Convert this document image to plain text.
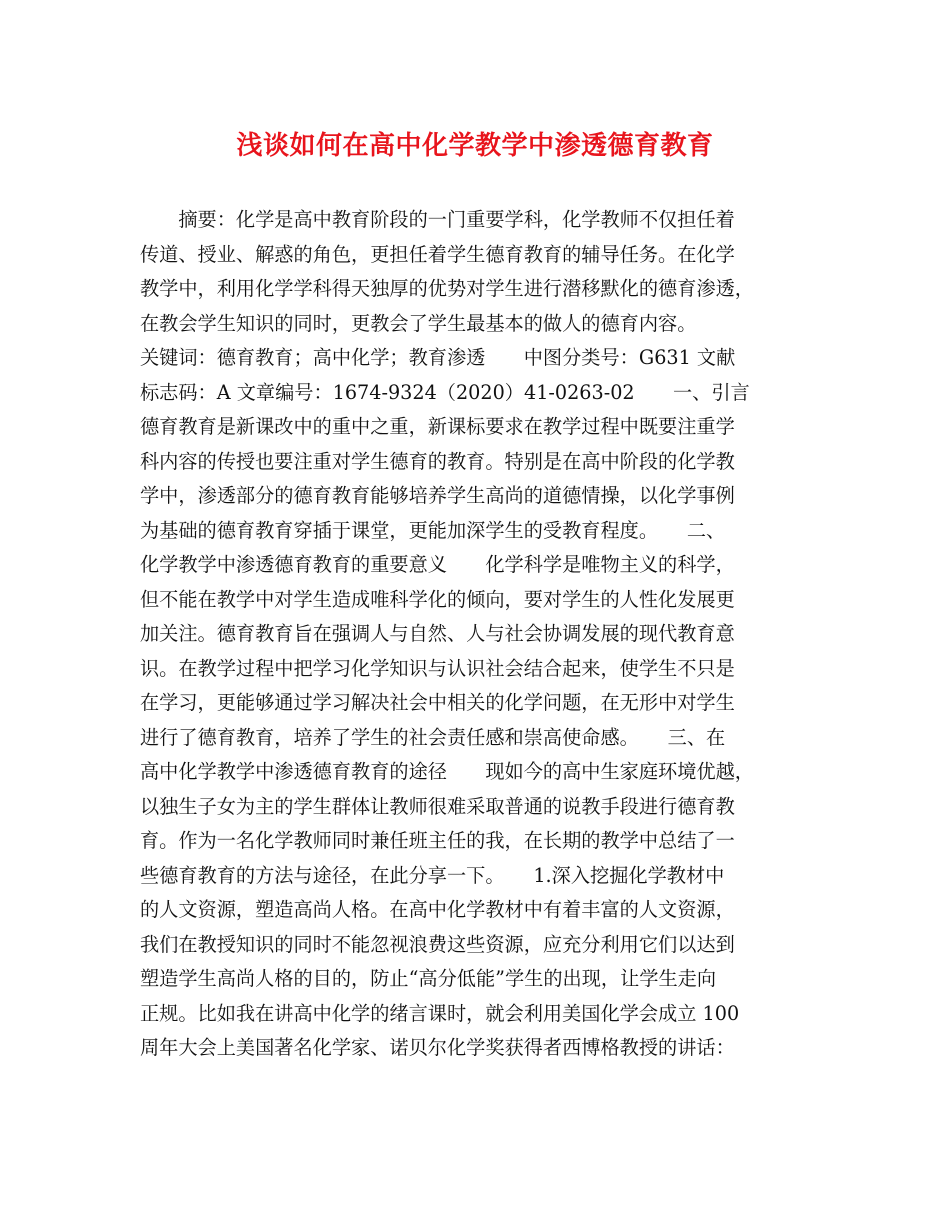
浅谈如何在高中化学教学中渗透德育教育
　　摘要：化学是高中教育阶段的一门重要学科，化学教师不仅担任着
传道、授业、解惑的角色，更担任着学生德育教育的辅导任务。在化学
教学中，利用化学学科得天独厚的优势对学生进行潜移默化的德育渗透，
在教会学生知识的同时，更教会了学生最基本的做人的德育内容。
关键词：德育教育；高中化学；教育渗透　　中图分类号：G631 文献
标志码：A 文章编号：1674-9324（2020）41-0263-02　　一、引言
德育教育是新课改中的重中之重，新课标要求在教学过程中既要注重学
科内容的传授也要注重对学生德育的教育。特别是在高中阶段的化学教
学中，渗透部分的德育教育能够培养学生高尚的道德情操，以化学事例
为基础的德育教育穿插于课堂，更能加深学生的受教育程度。　　二、
化学教学中渗透德育教育的重要意义　　化学科学是唯物主义的科学，
但不能在教学中对学生造成唯科学化的倾向，要对学生的人性化发展更
加关注。德育教育旨在强调人与自然、人与社会协调发展的现代教育意
识。在教学过程中把学习化学知识与认识社会结合起来，使学生不只是
在学习，更能够通过学习解决社会中相关的化学问题，在无形中对学生
进行了德育教育，培养了学生的社会责任感和崇高使命感。　　三、在
高中化学教学中渗透德育教育的途径　　现如今的高中生家庭环境优越，
以独生子女为主的学生群体让教师很难采取普通的说教手段进行德育教
育。作为一名化学教师同时兼任班主任的我，在长期的教学中总结了一
些德育教育的方法与途径，在此分享一下。　　1.深入挖掘化学教材中
的人文资源，塑造高尚人格。在高中化学教材中有着丰富的人文资源，
我们在教授知识的同时不能忽视浪费这些资源，应充分利用它们以达到
塑造学生高尚人格的目的，防止“高分低能”学生的出现，让学生走向
正规。比如我在讲高中化学的绪言课时，就会利用美国化学会成立 100
周年大会上美国著名化学家、诺贝尔化学奖获得者西博格教授的讲话：
